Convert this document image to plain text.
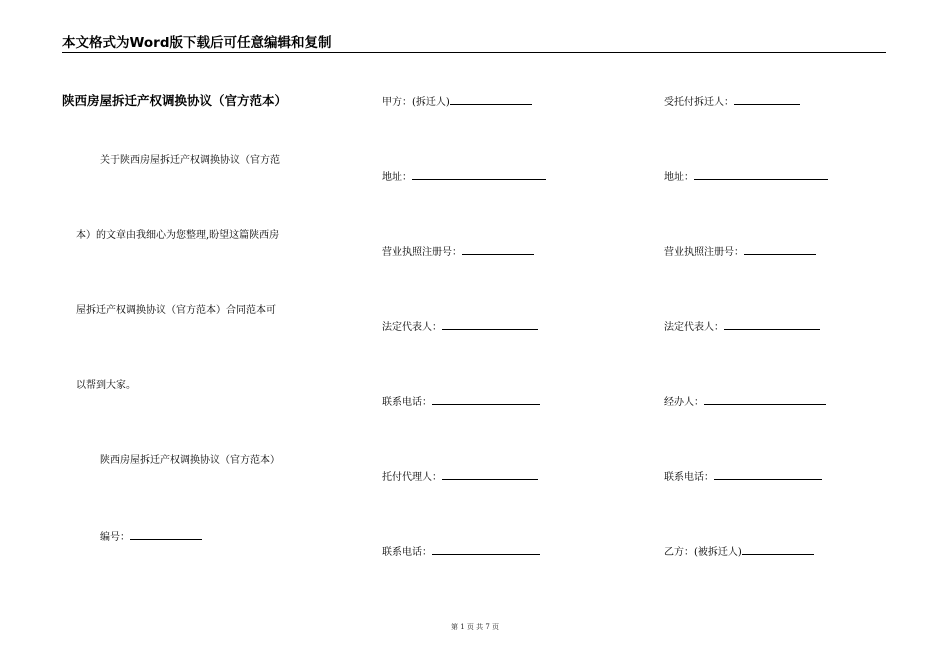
本文格式为Word版下载后可任意编辑和复制
陕西房屋拆迁产权调换协议（官方范本）
关于陕西房屋拆迁产权调换协议（官方范
本）的文章由我细心为您整理,盼望这篇陕西房
屋拆迁产权调换协议（官方范本）合同范本可
以帮到大家。
陕西房屋拆迁产权调换协议（官方范本）
编号：
甲方：(拆迁人)
地址：
营业执照注册号：
法定代表人：
联系电话：
托付代理人：
联系电话：
受托付拆迁人：
地址：
营业执照注册号：
法定代表人：
经办人：
联系电话：
乙方：(被拆迁人)
第 1 页 共 7 页
